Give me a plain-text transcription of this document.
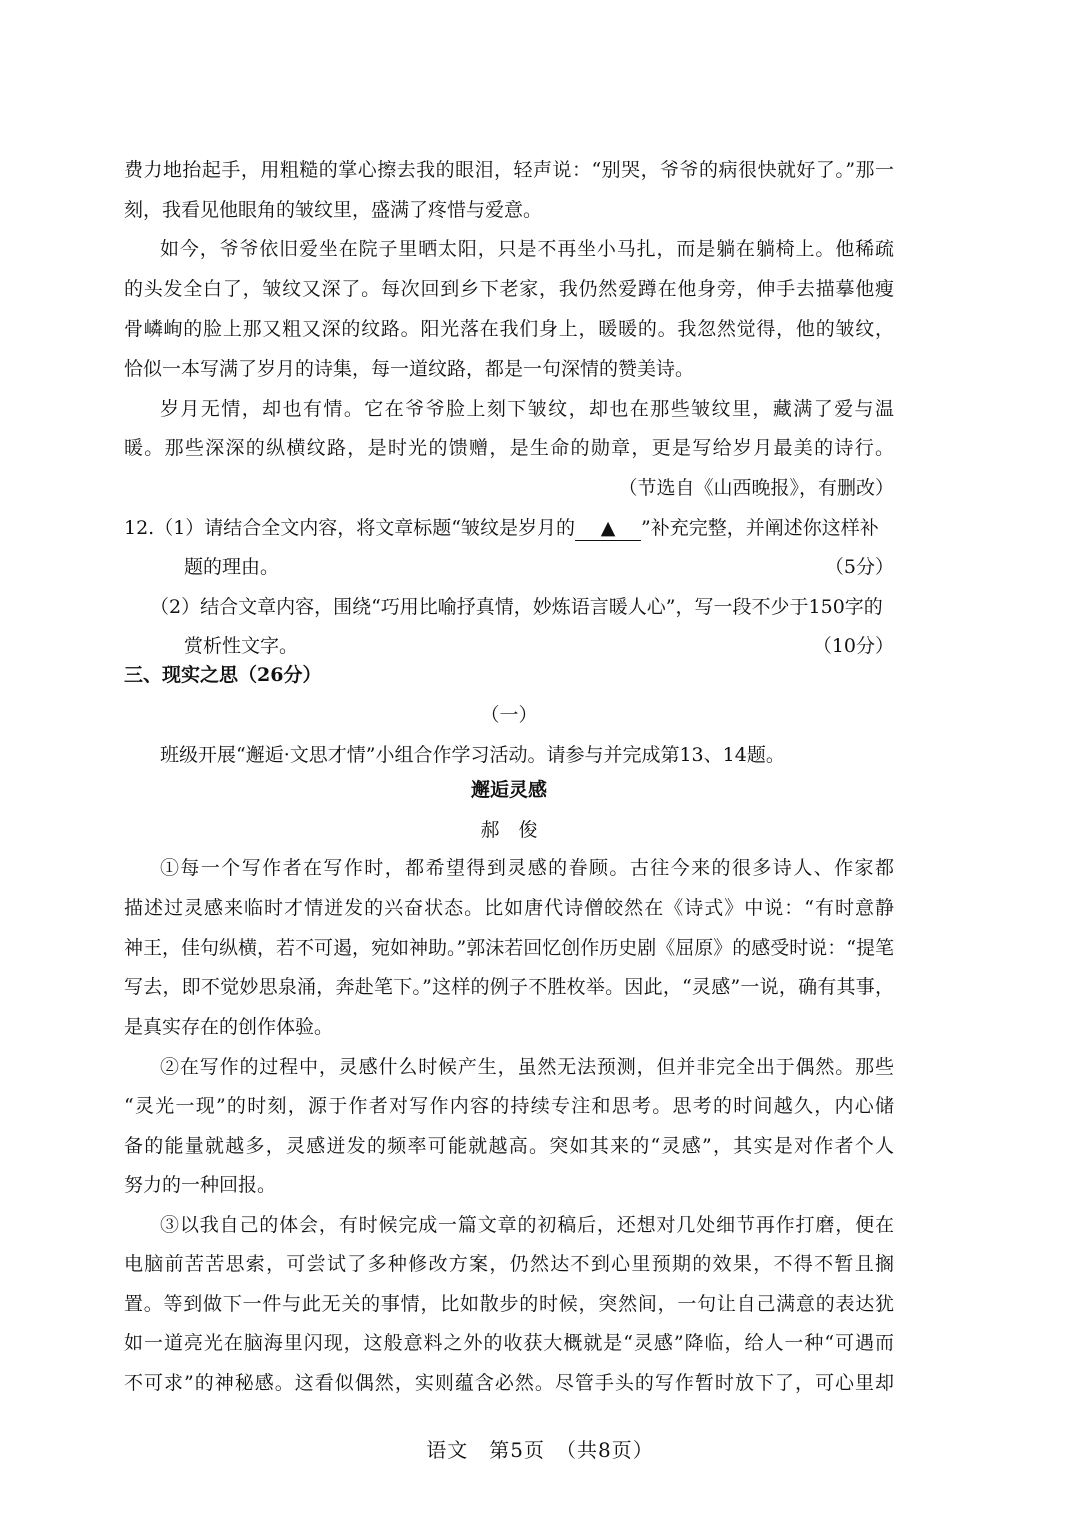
费力地抬起手，用粗糙的掌心擦去我的眼泪，轻声说：“别哭，爷爷的病很快就好了。”那一
刻，我看见他眼角的皱纹里，盛满了疼惜与爱意。
如今，爷爷依旧爱坐在院子里晒太阳，只是不再坐小马扎，而是躺在躺椅上。他稀疏
的头发全白了，皱纹又深了。每次回到乡下老家，我仍然爱蹲在他身旁，伸手去描摹他瘦
骨嶙峋的脸上那又粗又深的纹路。阳光落在我们身上，暖暖的。我忽然觉得，他的皱纹，
恰似一本写满了岁月的诗集，每一道纹路，都是一句深情的赞美诗。
岁月无情，却也有情。它在爷爷脸上刻下皱纹，却也在那些皱纹里，藏满了爱与温
暖。那些深深的纵横纹路，是时光的馈赠，是生命的勋章，更是写给岁月最美的诗行。
（节选自《山西晚报》，有删改）
12.（1）请结合全文内容，将文章标题“皱纹是岁月的 ▲ ”补充完整，并阐述你这样补
题的理由。	（5分）
（2）结合文章内容，围绕“巧用比喻抒真情，妙炼语言暖人心”，写一段不少于150字的
赏析性文字。	（10分）
三、现实之思（26分）
（一）
班级开展“邂逅·文思才情”小组合作学习活动。请参与并完成第13、14题。
邂逅灵感
郝　俊
①每一个写作者在写作时，都希望得到灵感的眷顾。古往今来的很多诗人、作家都
描述过灵感来临时才情迸发的兴奋状态。比如唐代诗僧皎然在《诗式》中说：“有时意静
神王，佳句纵横，若不可遏，宛如神助。”郭沫若回忆创作历史剧《屈原》的感受时说：“提笔
写去，即不觉妙思泉涌，奔赴笔下。”这样的例子不胜枚举。因此，“灵感”一说，确有其事，
是真实存在的创作体验。
②在写作的过程中，灵感什么时候产生，虽然无法预测，但并非完全出于偶然。那些
“灵光一现”的时刻，源于作者对写作内容的持续专注和思考。思考的时间越久，内心储
备的能量就越多，灵感迸发的频率可能就越高。突如其来的“灵感”，其实是对作者个人
努力的一种回报。
③以我自己的体会，有时候完成一篇文章的初稿后，还想对几处细节再作打磨，便在
电脑前苦苦思索，可尝试了多种修改方案，仍然达不到心里预期的效果，不得不暂且搁
置。等到做下一件与此无关的事情，比如散步的时候，突然间，一句让自己满意的表达犹
如一道亮光在脑海里闪现，这般意料之外的收获大概就是“灵感”降临，给人一种“可遇而
不可求”的神秘感。这看似偶然，实则蕴含必然。尽管手头的写作暂时放下了，可心里却
语文　第5页　（共8页）
